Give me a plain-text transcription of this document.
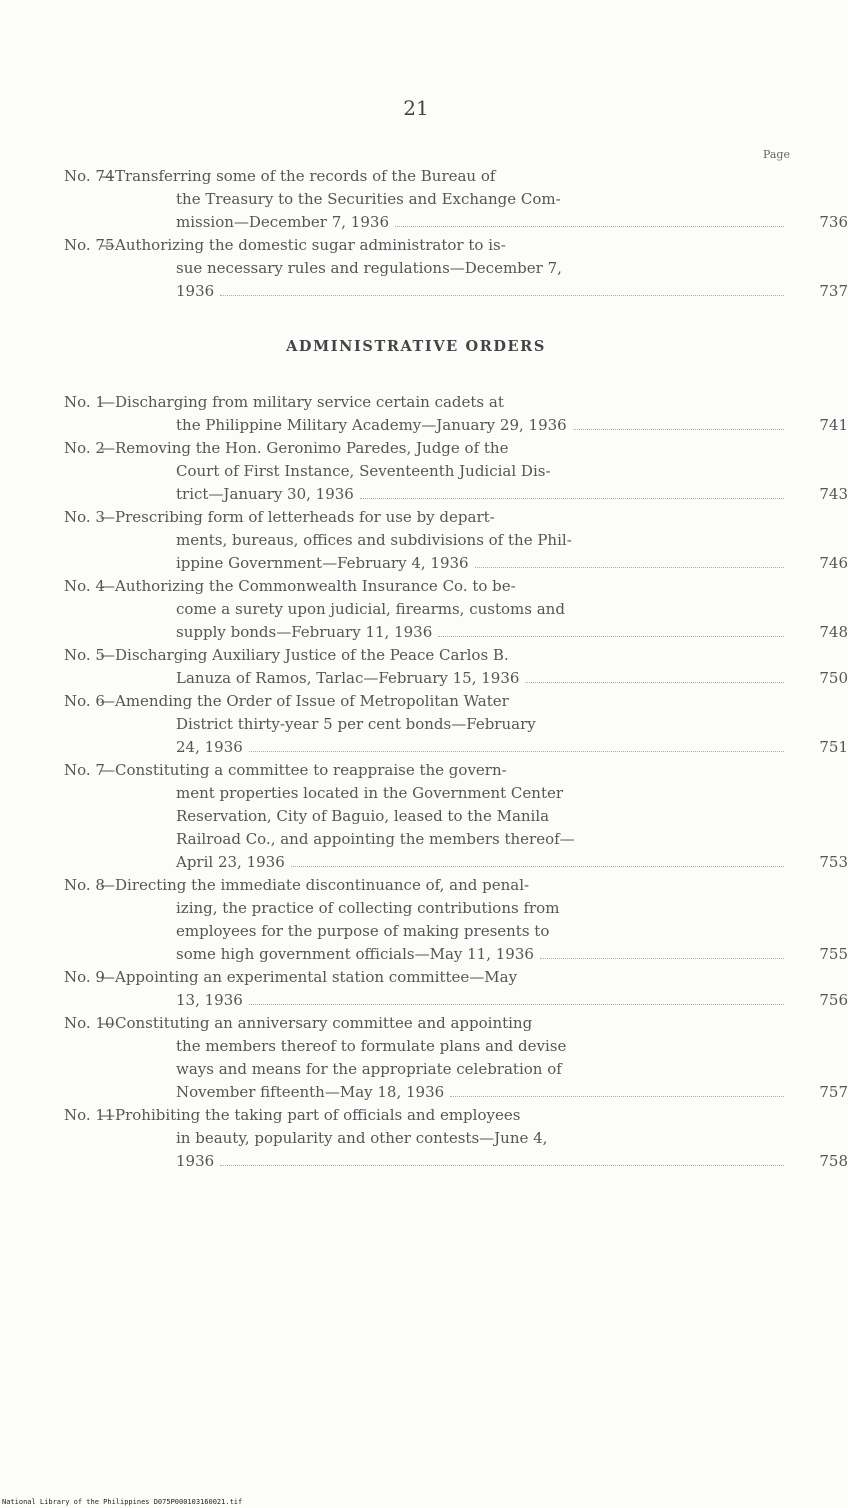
21
Page
No. 74—Transferring some of the records of the Bureau of
the Treasury to the Securities and Exchange Com-
mission—December 7, 1936	736
No. 75—Authorizing the domestic sugar administrator to is-
sue necessary rules and regulations—December 7,
1936	737
ADMINISTRATIVE ORDERS
No. 1—Discharging from military service certain cadets at
the Philippine Military Academy—January 29, 1936	741
No. 2—Removing the Hon. Geronimo Paredes, Judge of the
Court of First Instance, Seventeenth Judicial Dis-
trict—January 30, 1936	743
No. 3—Prescribing form of letterheads for use by depart-
ments, bureaus, offices and subdivisions of the Phil-
ippine Government—February 4, 1936	746
No. 4—Authorizing the Commonwealth Insurance Co. to be-
come a surety upon judicial, firearms, customs and
supply bonds—February 11, 1936	748
No. 5—Discharging Auxiliary Justice of the Peace Carlos B.
Lanuza of Ramos, Tarlac—February 15, 1936	750
No. 6—Amending the Order of Issue of Metropolitan Water
District thirty-year 5 per cent bonds—February
24, 1936	751
No. 7—Constituting a committee to reappraise the govern-
ment properties located in the Government Center
Reservation, City of Baguio, leased to the Manila
Railroad Co., and appointing the members thereof—
April 23, 1936	753
No. 8—Directing the immediate discontinuance of, and penal-
izing, the practice of collecting contributions from
employees for the purpose of making presents to
some high government officials—May 11, 1936	755
No. 9—Appointing an experimental station committee—May
13, 1936	756
No. 10—Constituting an anniversary committee and appointing
the members thereof to formulate plans and devise
ways and means for the appropriate celebration of
November fifteenth—May 18, 1936	757
No. 11—Prohibiting the taking part of officials and employees
in beauty, popularity and other contests—June 4,
1936	758
National Library of the Philippines D075P000103160021.tif
